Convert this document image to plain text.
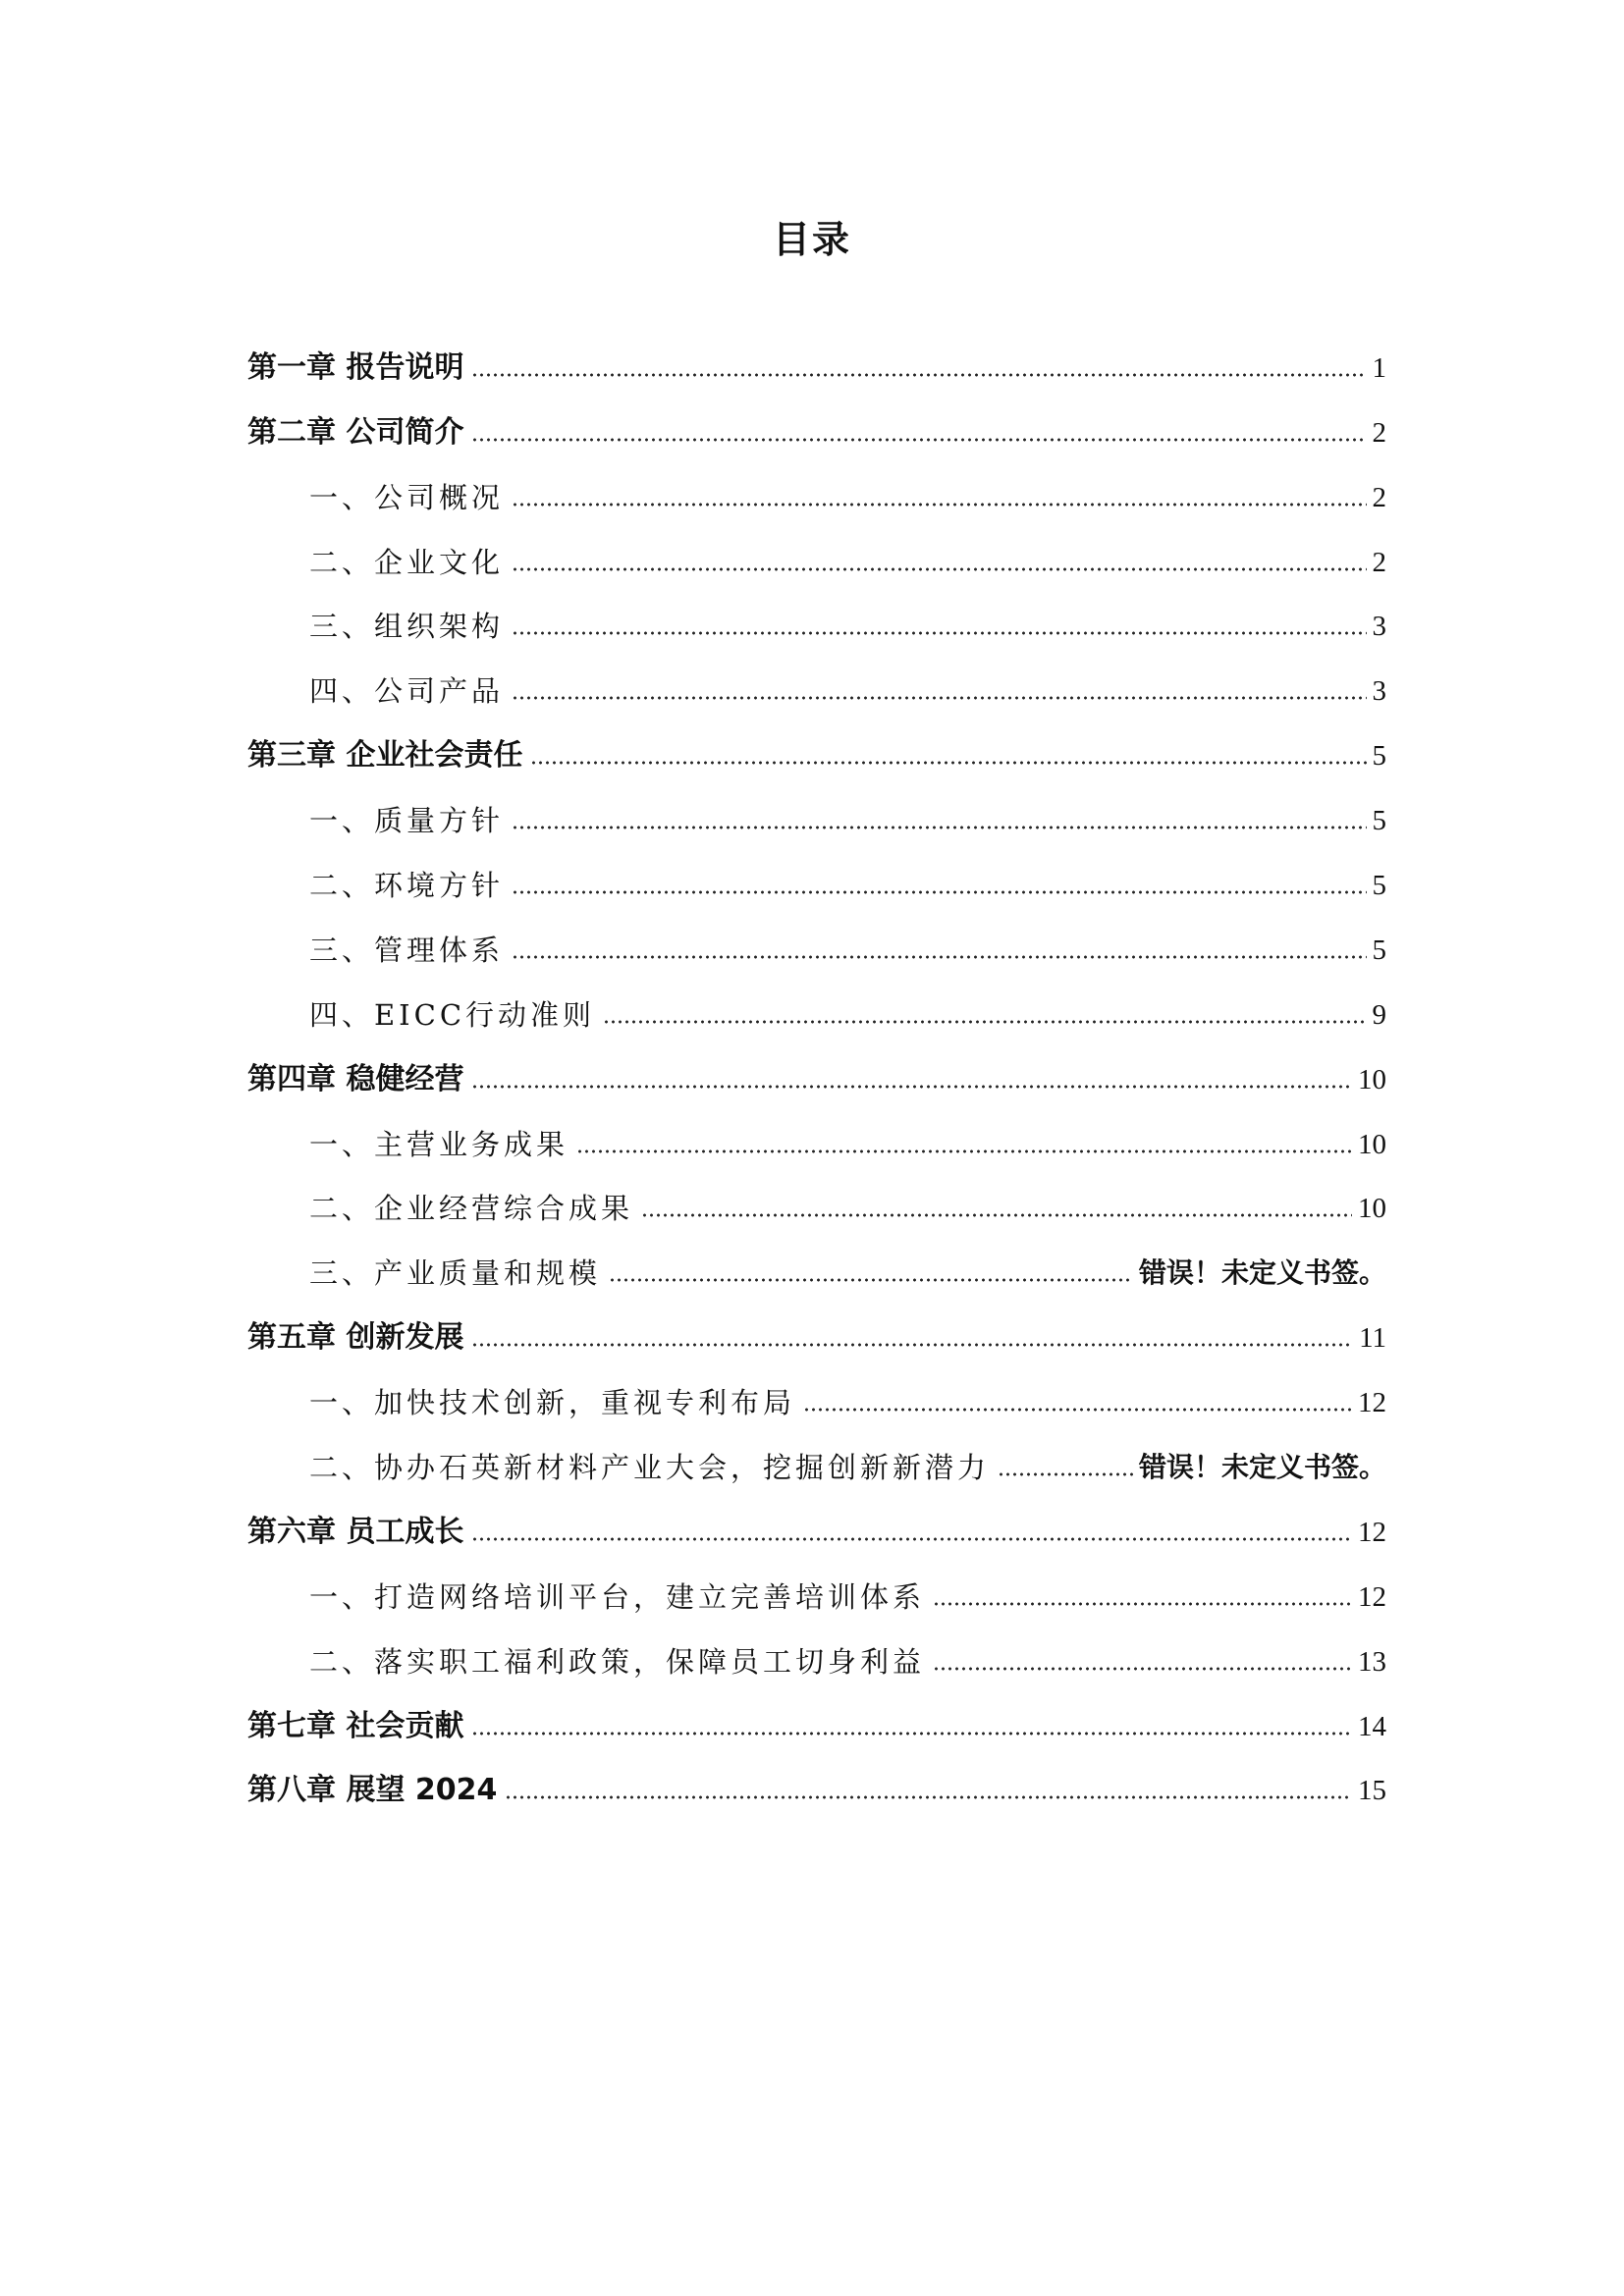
目录
第一章 报告说明	1
第二章 公司简介	2
一、公司概况	2
二、企业文化	2
三、组织架构	3
四、公司产品	3
第三章 企业社会责任	5
一、质量方针	5
二、环境方针	5
三、管理体系	5
四、EICC行动准则	9
第四章 稳健经营	10
一、主营业务成果	10
二、企业经营综合成果	10
三、产业质量和规模	错误！未定义书签。
第五章 创新发展	11
一、加快技术创新，重视专利布局	12
二、协办石英新材料产业大会，挖掘创新新潜力	错误！未定义书签。
第六章 员工成长	12
一、打造网络培训平台，建立完善培训体系	12
二、落实职工福利政策，保障员工切身利益	13
第七章 社会贡献	14
第八章 展望 2024	15
